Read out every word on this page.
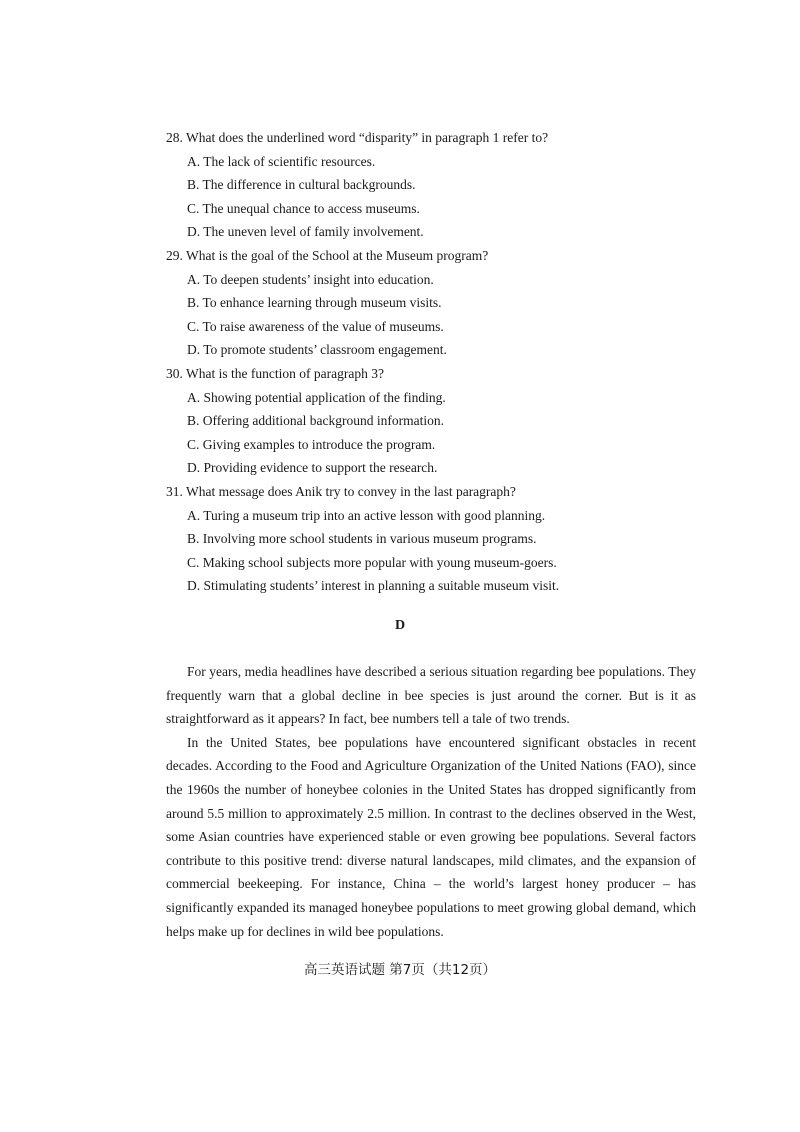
28. What does the underlined word “disparity” in paragraph 1 refer to?
A. The lack of scientific resources.
B. The difference in cultural backgrounds.
C. The unequal chance to access museums.
D. The uneven level of family involvement.
29. What is the goal of the School at the Museum program?
A. To deepen students’ insight into education.
B. To enhance learning through museum visits.
C. To raise awareness of the value of museums.
D. To promote students’ classroom engagement.
30. What is the function of paragraph 3?
A. Showing potential application of the finding.
B. Offering additional background information.
C. Giving examples to introduce the program.
D. Providing evidence to support the research.
31. What message does Anik try to convey in the last paragraph?
A. Turing a museum trip into an active lesson with good planning.
B. Involving more school students in various museum programs.
C. Making school subjects more popular with young museum-goers.
D. Stimulating students’ interest in planning a suitable museum visit.
D

For years, media headlines have described a serious situation regarding bee populations. They frequently warn that a global decline in bee species is just around the corner. But is it as straightforward as it appears? In fact, bee numbers tell a tale of two trends.

In the United States, bee populations have encountered significant obstacles in recent decades. According to the Food and Agriculture Organization of the United Nations (FAO), since the 1960s the number of honeybee colonies in the United States has dropped significantly from around 5.5 million to approximately 2.5 million. In contrast to the declines observed in the West, some Asian countries have experienced stable or even growing bee populations. Several factors contribute to this positive trend: diverse natural landscapes, mild climates, and the expansion of commercial beekeeping. For instance, China – the world’s largest honey producer – has significantly expanded its managed honeybee populations to meet growing global demand, which helps make up for declines in wild bee populations.

高三英语试题 第7页（共12页）
